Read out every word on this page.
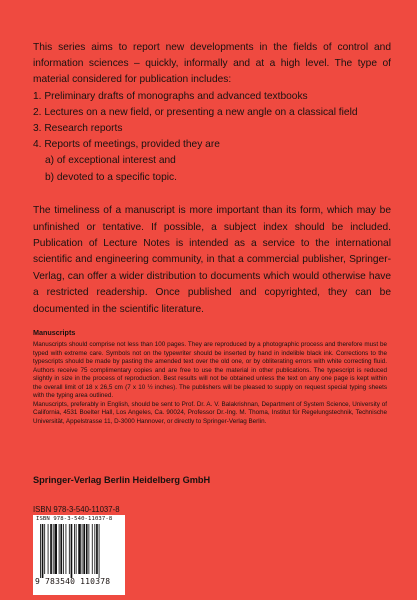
This series aims to report new developments in the fields of control and information sciences – quickly, informally and at a high level. The type of material considered for publication includes:

1. Preliminary drafts of monographs and advanced textbooks
2. Lectures on a new field, or presenting a new angle on a classical field
3. Research reports
4. Reports of meetings, provided they are
a) of exceptional interest and
b) devoted to a specific topic.

The timeliness of a manuscript is more important than its form, which may be unfinished or tentative. If possible, a subject index should be included. Publication of Lecture Notes is intended as a service to the international scientific and engineering community, in that a commercial publisher, Springer-Verlag, can offer a wider distribution to documents which would otherwise have a restricted readership. Once published and copyrighted, they can be documented in the scientific literature.

Manuscripts

Manuscripts should comprise not less than 100 pages. They are reproduced by a photographic process and therefore must be typed with extreme care. Symbols not on the typewriter should be inserted by hand in indelible black ink. Corrections to the typescripts should be made by pasting the amended text over the old one, or by obliterating errors with white correcting fluid. Authors receive 75 complimentary copies and are free to use the material in other publications. The typescript is reduced slightly in size in the process of reproduction. Best results will not be obtained unless the text on any one page is kept within the overall limit of 18 x 26,5 cm (7 x 10 ½ inches). The publishers will be pleased to supply on request special typing sheets with the typing area outlined.

Manuscripts, preferably in English, should be sent to Prof. Dr. A. V. Balakrishnan, Department of System Science, University of California, 4531 Boelter Hall, Los Angeles, Ca. 90024, Professor Dr.-Ing. M. Thoma, Institut für Regelungstechnik, Technische Universität, Appelstrasse 11, D-3000 Hannover, or directly to Springer-Verlag Berlin.

Springer-Verlag Berlin Heidelberg GmbH
ISBN 978-3-540-11037-8
ISBN 978-3-540-11037-8
9 783540 110378
